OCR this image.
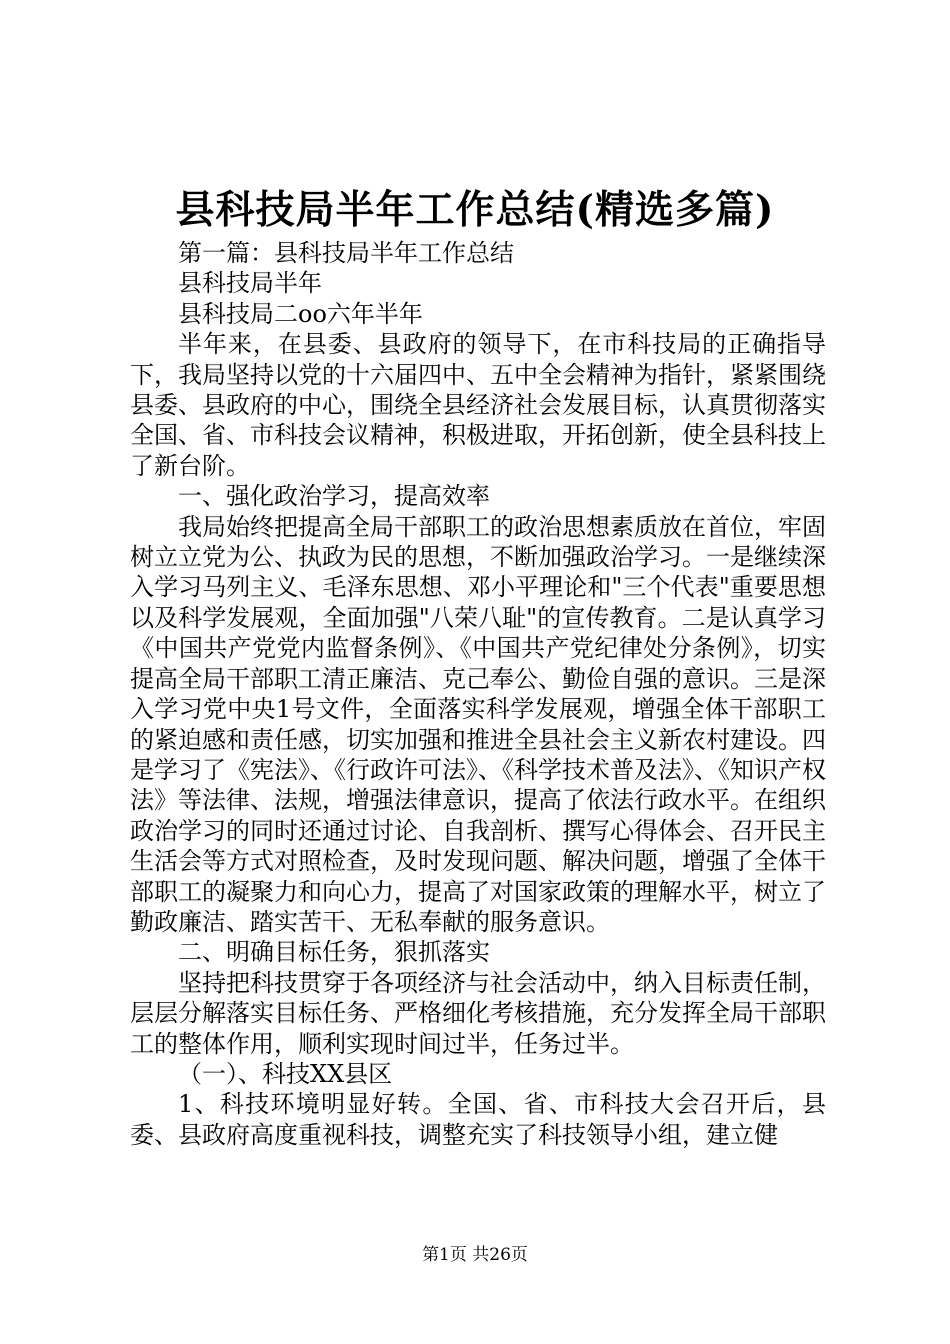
县科技局半年工作总结(精选多篇)

第一篇：县科技局半年工作总结

县科技局半年

县科技局二oo六年半年

半年来，在县委、县政府的领导下，在市科技局的正确指导下，我局坚持以党的十六届四中、五中全会精神为指针，紧紧围绕县委、县政府的中心，围绕全县经济社会发展目标，认真贯彻落实全国、省、市科技会议精神，积极进取，开拓创新，使全县科技上了新台阶。

一、强化政治学习，提高效率

我局始终把提高全局干部职工的政治思想素质放在首位，牢固树立立党为公、执政为民的思想，不断加强政治学习。一是继续深入学习马列主义、毛泽东思想、邓小平理论和"三个代表"重要思想以及科学发展观，全面加强"八荣八耻"的宣传教育。二是认真学习《中国共产党党内监督条例》、《中国共产党纪律处分条例》，切实提高全局干部职工清正廉洁、克己奉公、勤俭自强的意识。三是深入学习党中央1号文件，全面落实科学发展观，增强全体干部职工的紧迫感和责任感，切实加强和推进全县社会主义新农村建设。四是学习了《宪法》、《行政许可法》、《科学技术普及法》、《知识产权法》等法律、法规，增强法律意识，提高了依法行政水平。在组织政治学习的同时还通过讨论、自我剖析、撰写心得体会、召开民主生活会等方式对照检查，及时发现问题、解决问题，增强了全体干部职工的凝聚力和向心力，提高了对国家政策的理解水平，树立了勤政廉洁、踏实苦干、无私奉献的服务意识。

二、明确目标任务，狠抓落实

坚持把科技贯穿于各项经济与社会活动中，纳入目标责任制，层层分解落实目标任务、严格细化考核措施，充分发挥全局干部职工的整体作用，顺利实现时间过半，任务过半。

（一）、科技XX县区

1、科技环境明显好转。全国、省、市科技大会召开后，县委、县政府高度重视科技，调整充实了科技领导小组，建立健

第1页 共26页
